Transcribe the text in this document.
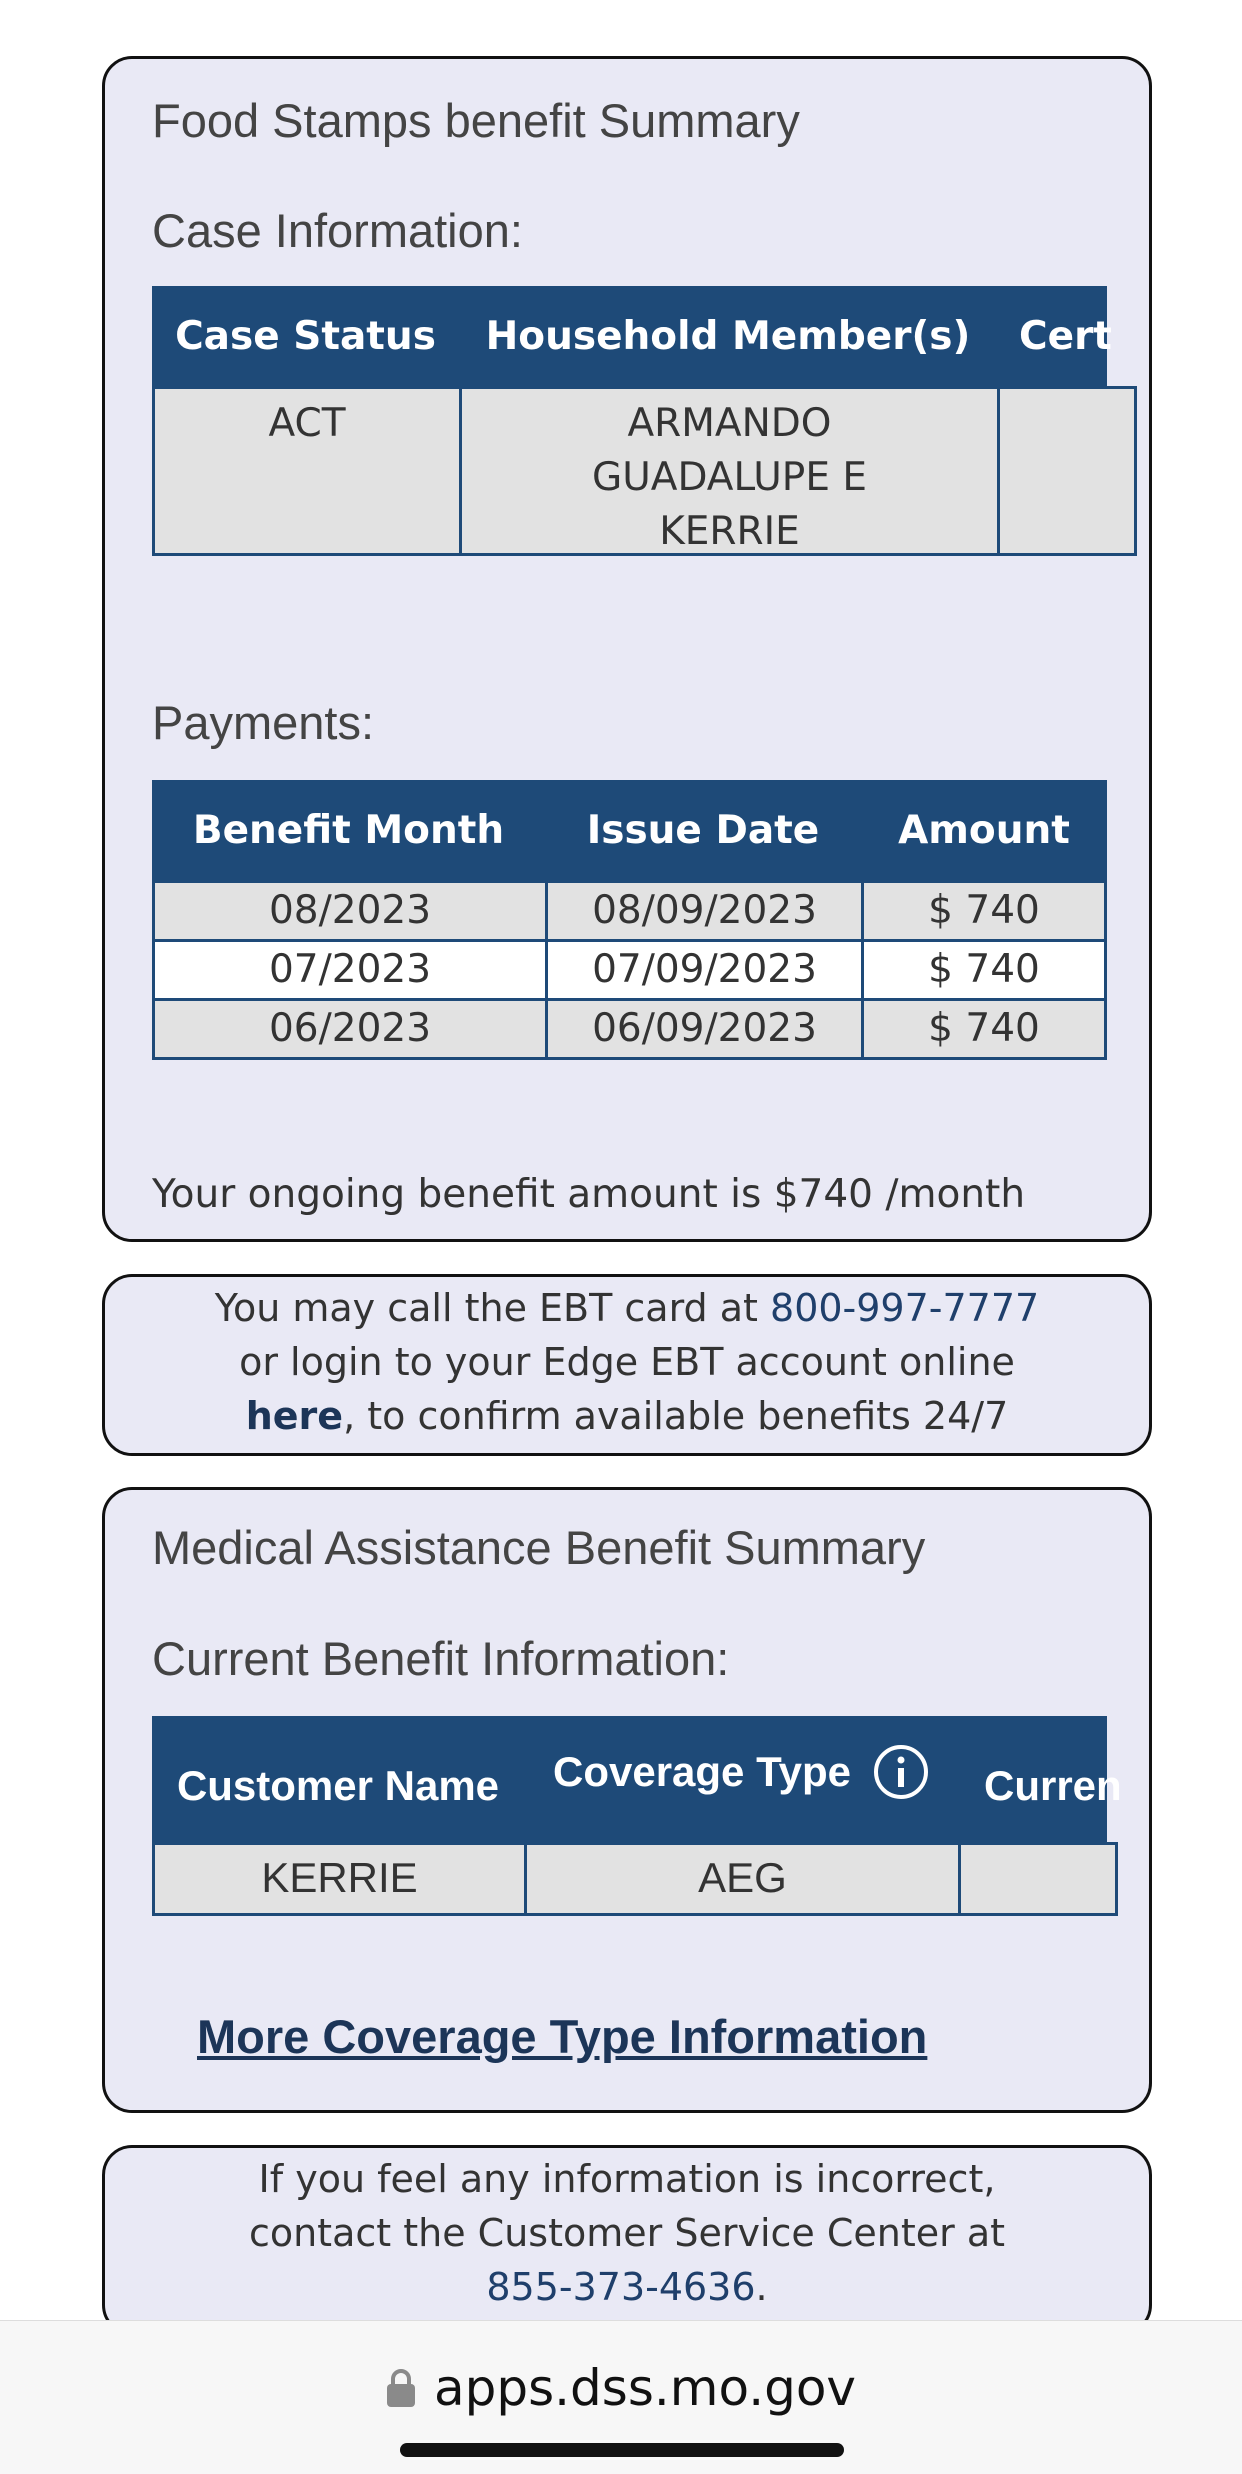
Food Stamps benefit Summary
Case Information:
Case Status	Household Member(s)	Cert
ACT	ARMANDO
GUADALUPE E
KERRIE
Payments:
Benefit Month	Issue Date	Amount
08/2023	08/09/2023	$ 740
07/2023	07/09/2023	$ 740
06/2023	06/09/2023	$ 740
Your ongoing benefit amount is $740 /month
You may call the EBT card at 800-997-7777
or login to your Edge EBT account online
here, to confirm available benefits 24/7
Medical Assistance Benefit Summary
Current Benefit Information:
Customer Name	Coverage Type	Curren
KERRIE	AEG
More Coverage Type Information
If you feel any information is incorrect,
contact the Customer Service Center at
855-373-4636.
apps.dss.mo.gov
